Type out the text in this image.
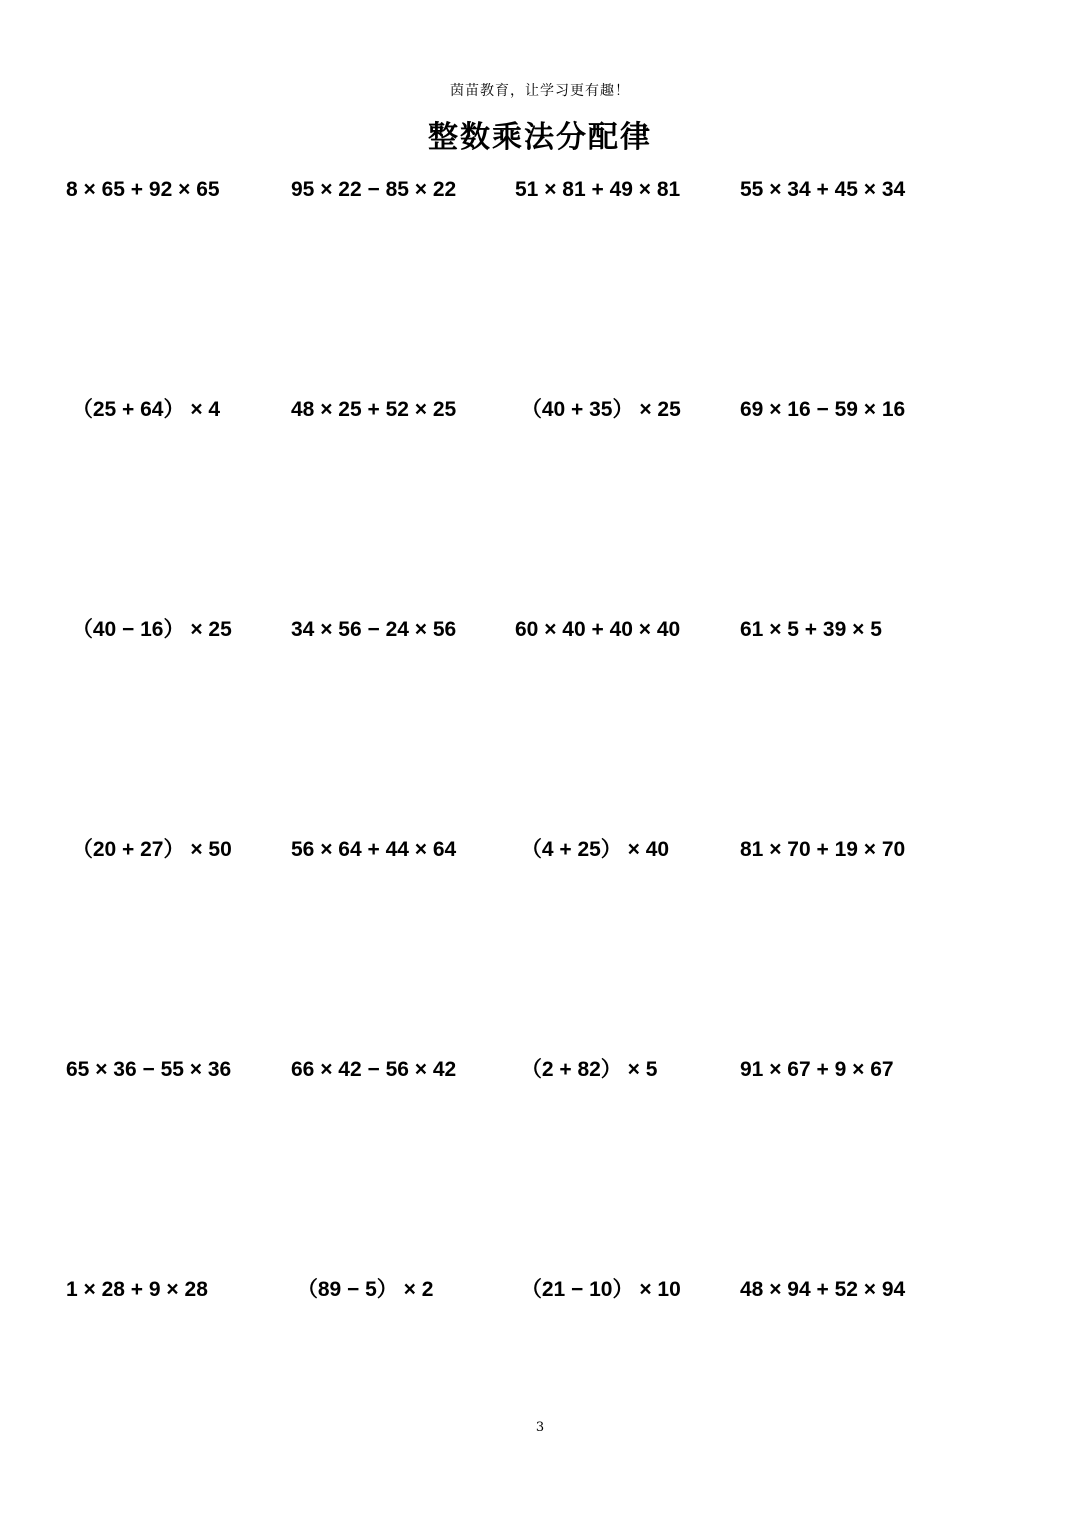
茵苗教育，让学习更有趣！
整数乘法分配律
8 × 65 + 92 × 65	95 × 22 − 85 × 22	51 × 81 + 49 × 81	55 × 34 + 45 × 34
（25 + 64） × 4	48 × 25 + 52 × 25	（40 + 35） × 25	69 × 16 − 59 × 16
（40 − 16） × 25	34 × 56 − 24 × 56	60 × 40 + 40 × 40	61 × 5 + 39 × 5
（20 + 27） × 50	56 × 64 + 44 × 64	（4 + 25） × 40	81 × 70 + 19 × 70
65 × 36 − 55 × 36	66 × 42 − 56 × 42	（2 + 82） × 5	91 × 67 + 9 × 67
1 × 28 + 9 × 28	（89 − 5） × 2	（21 − 10） × 10	48 × 94 + 52 × 94
3
